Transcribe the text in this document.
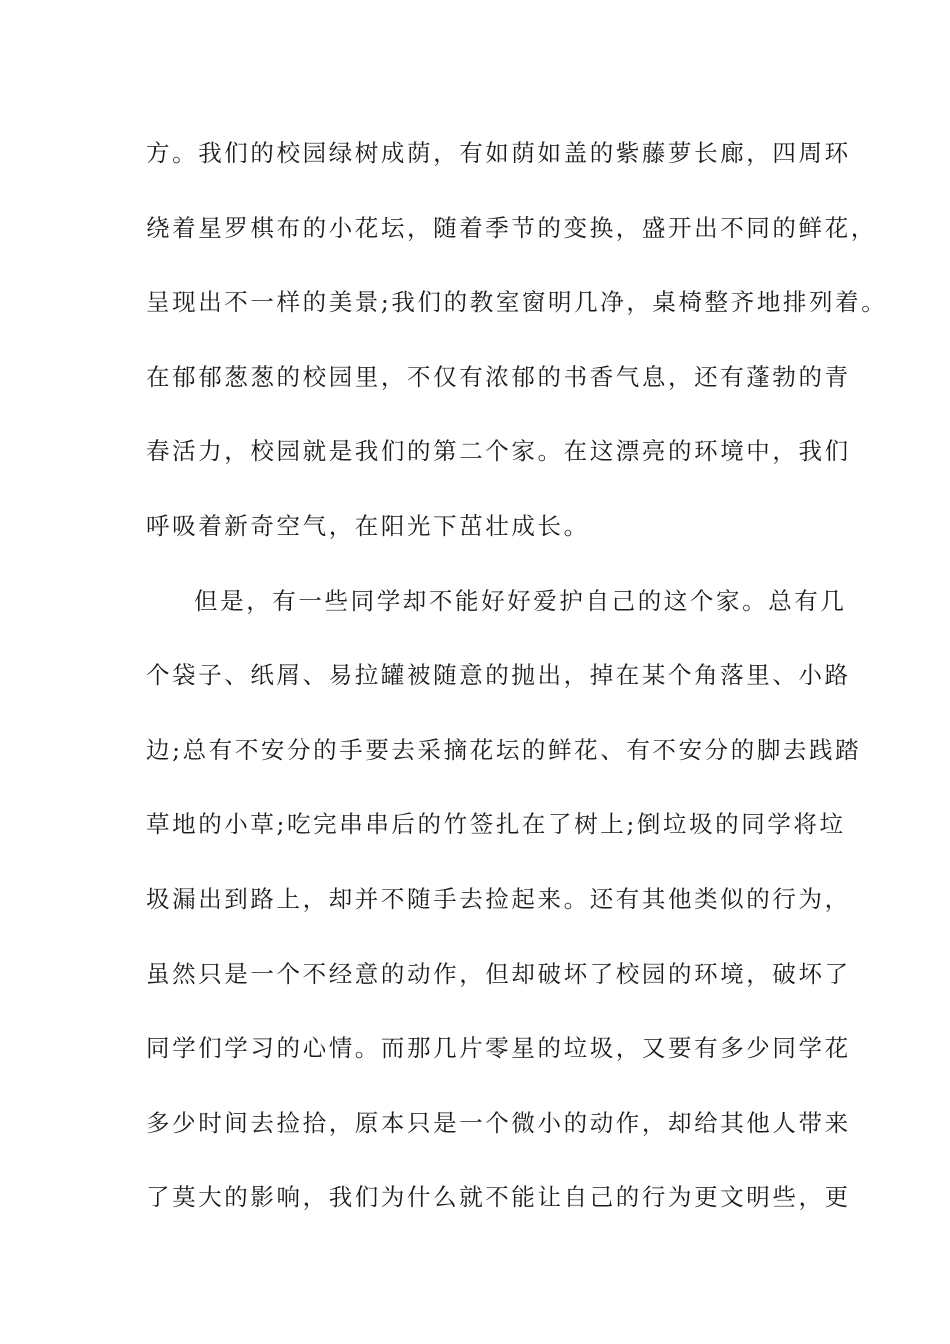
方。我们的校园绿树成荫，有如荫如盖的紫藤萝长廊，四周环
绕着星罗棋布的小花坛，随着季节的变换，盛开出不同的鲜花，
呈现出不一样的美景;我们的教室窗明几净，桌椅整齐地排列着。
在郁郁葱葱的校园里，不仅有浓郁的书香气息，还有蓬勃的青
春活力，校园就是我们的第二个家。在这漂亮的环境中，我们
呼吸着新奇空气，在阳光下茁壮成长。
但是，有一些同学却不能好好爱护自己的这个家。总有几
个袋子、纸屑、易拉罐被随意的抛出，掉在某个角落里、小路
边;总有不安分的手要去采摘花坛的鲜花、有不安分的脚去践踏
草地的小草;吃完串串后的竹签扎在了树上;倒垃圾的同学将垃
圾漏出到路上，却并不随手去捡起来。还有其他类似的行为，
虽然只是一个不经意的动作，但却破坏了校园的环境，破坏了
同学们学习的心情。而那几片零星的垃圾，又要有多少同学花
多少时间去捡拾，原本只是一个微小的动作，却给其他人带来
了莫大的影响，我们为什么就不能让自己的行为更文明些，更
